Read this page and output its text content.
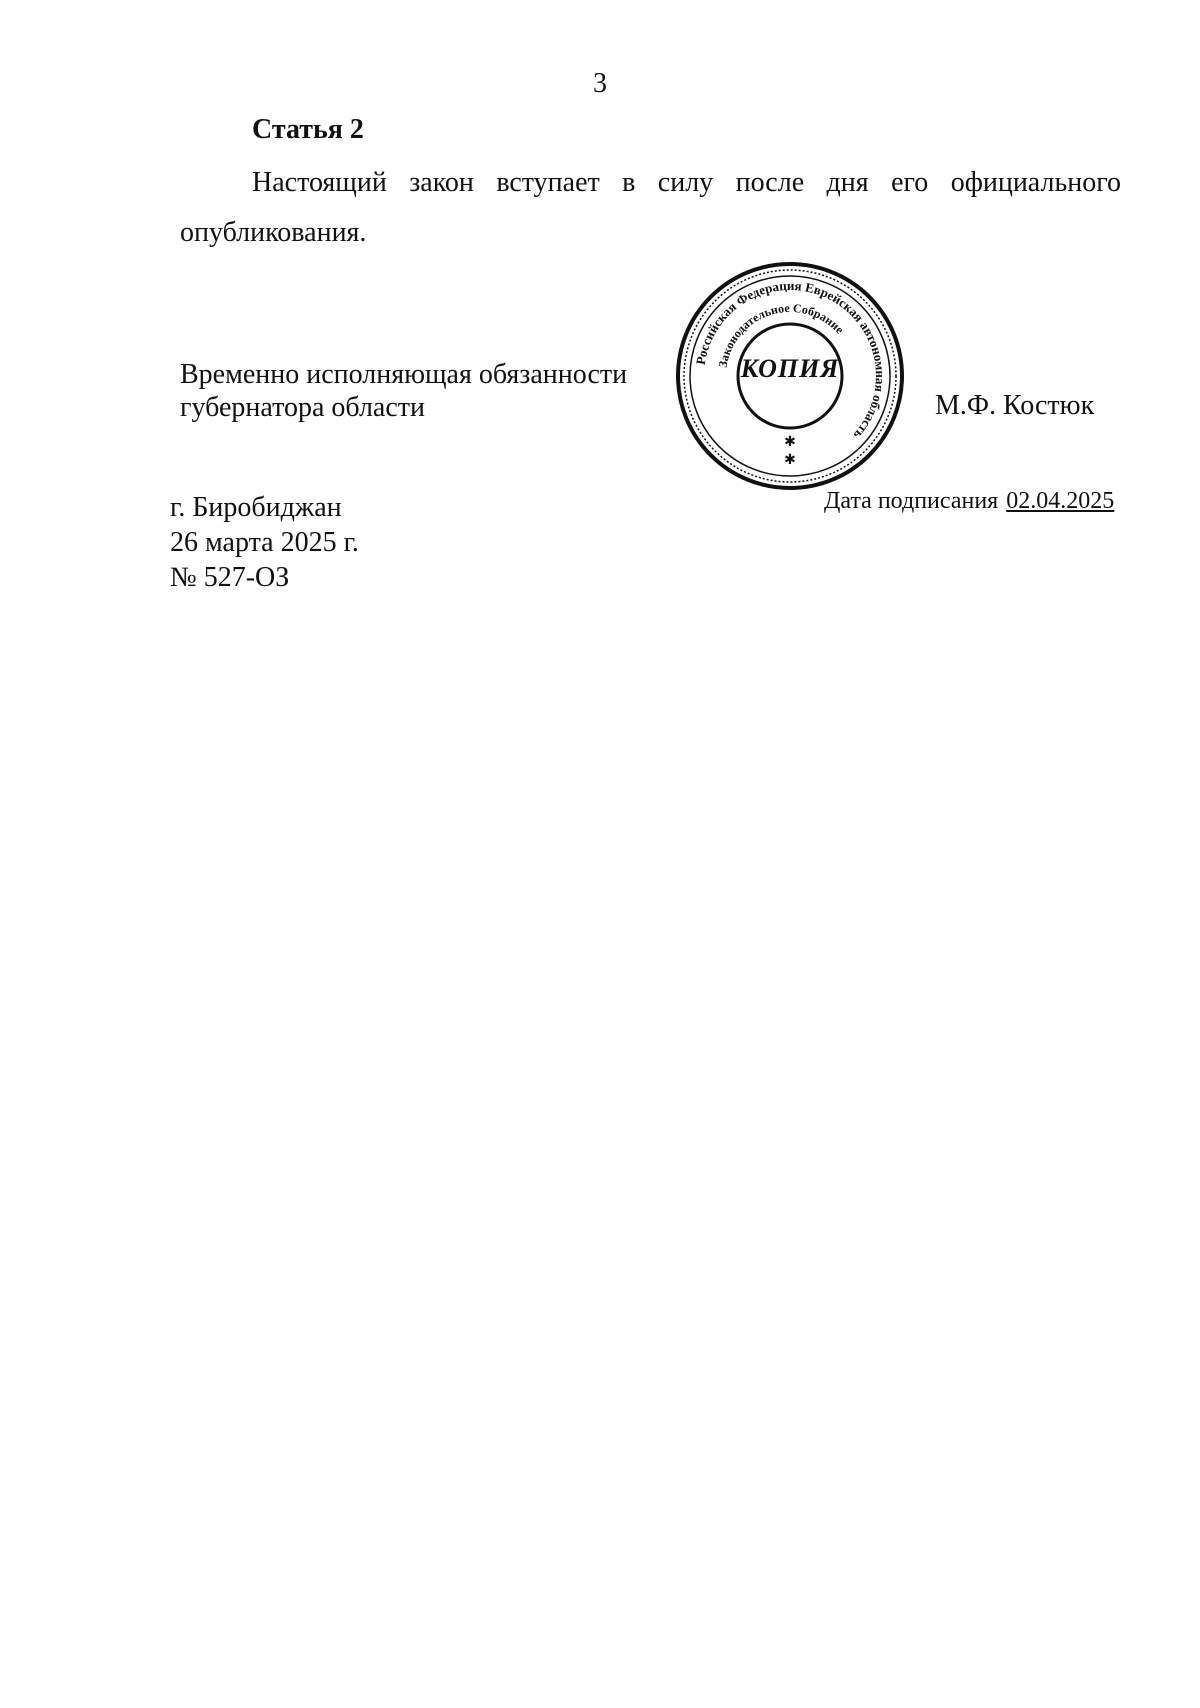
3
Статья 2

Настоящий закон вступает в силу после дня его официального опубликования.

Временно исполняющая обязанности
губернатора области
Российская Федерация Еврейская автономная область
Законодательное Собрание
✱
✱
КОПИЯ
М.Ф. Костюк
г. Биробиджан
26 марта 2025 г.
№ 527-ОЗ
Дата подписания 02.04.2025
